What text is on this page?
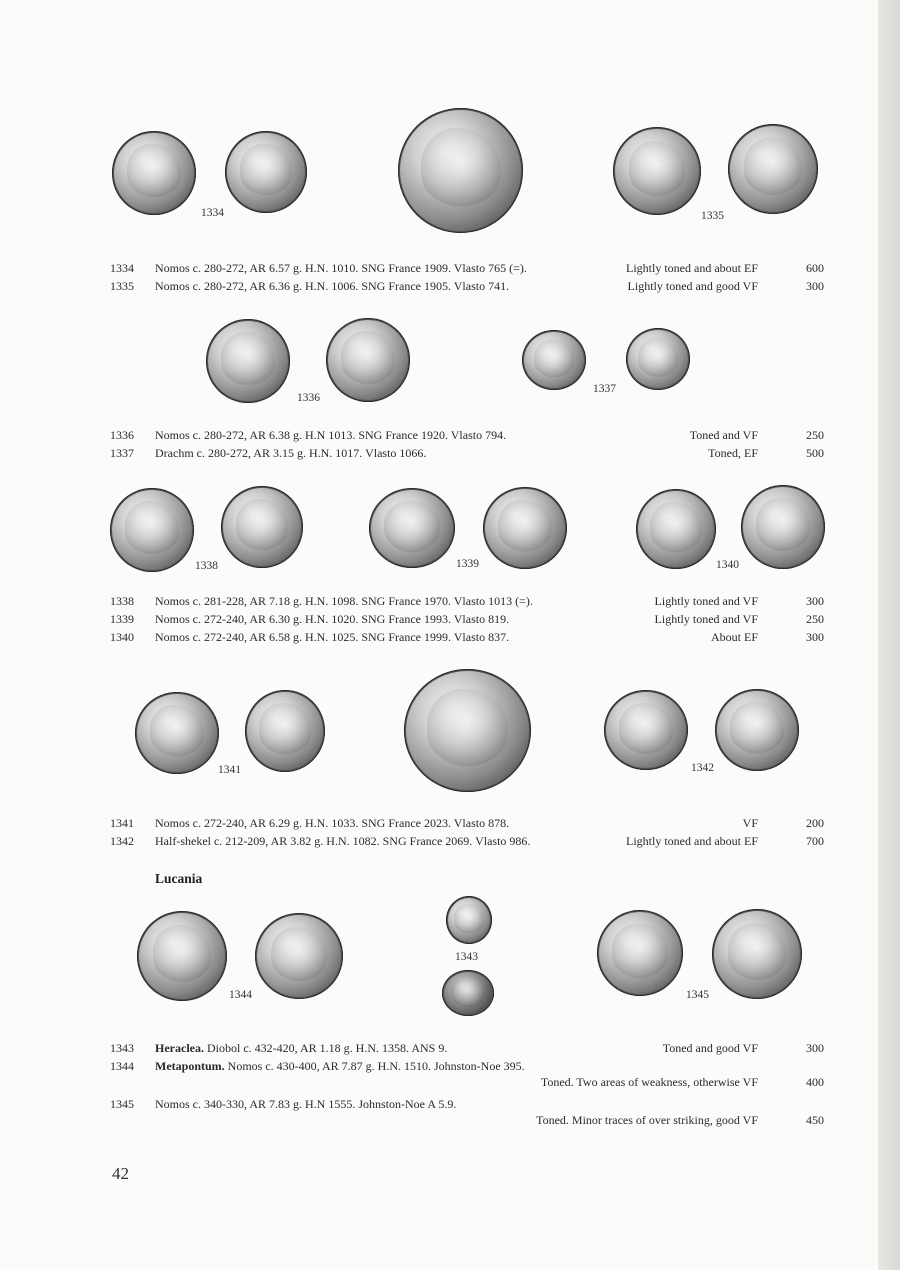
1334	1335
1334 Nomos c. 280-272, AR 6.57 g. H.N. 1010. SNG France 1909. Vlasto 765 (=).	Lightly toned and about EF	600
1335 Nomos c. 280-272, AR 6.36 g. H.N. 1006. SNG France 1905. Vlasto 741.	Lightly toned and good VF	300
1336
1337
1336 Nomos c. 280-272, AR 6.38 g. H.N 1013. SNG France 1920. Vlasto 794.	Toned and VF	250
1337 Drachm c. 280-272, AR 3.15 g. H.N. 1017. Vlasto 1066.	Toned, EF	500
1338	1339	1340
1338 Nomos c. 281-228, AR 7.18 g. H.N. 1098. SNG France 1970. Vlasto 1013 (=).	Lightly toned and VF	300
1339 Nomos c. 272-240, AR 6.30 g. H.N. 1020. SNG France 1993. Vlasto 819.	Lightly toned and VF	250
1340 Nomos c. 272-240, AR 6.58 g. H.N. 1025. SNG France 1999. Vlasto 837.	About EF	300
1341	1342
1341 Nomos c. 272-240, AR 6.29 g. H.N. 1033. SNG France 2023. Vlasto 878.	VF	200
1342 Half-shekel c. 212-209, AR 3.82 g. H.N. 1082. SNG France 2069. Vlasto 986.	Lightly toned and about EF	700
Lucania
1343
1344	1345
1343 Heraclea. Diobol c. 432-420, AR 1.18 g. H.N. 1358. ANS 9.	Toned and good VF	300
1344 Metapontum. Nomos c. 430-400, AR 7.87 g. H.N. 1510. Johnston-Noe 395.
Toned. Two areas of weakness, otherwise VF	400
1345 Nomos c. 340-330, AR 7.83 g. H.N 1555. Johnston-Noe A 5.9.
Toned. Minor traces of over striking, good VF	450
42
